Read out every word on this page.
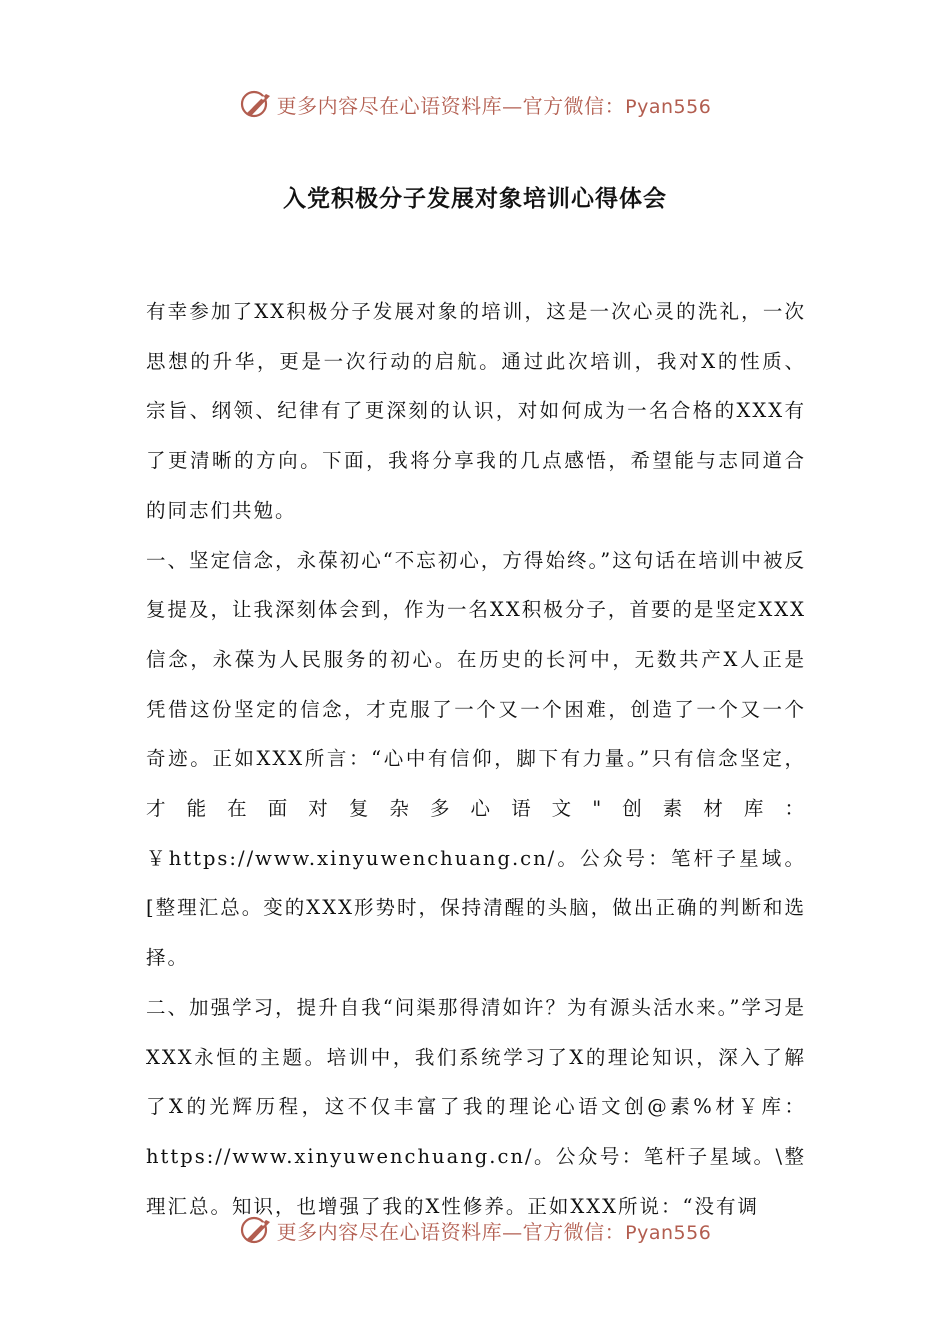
更多内容尽在心语资料库—官方微信：Pyan556
入党积极分子发展对象培训心得体会

有幸参加了XX积极分子发展对象的培训，这是一次心灵的洗礼，一次思想的升华，更是一次行动的启航。通过此次培训，我对X的性质、宗旨、纲领、纪律有了更深刻的认识，对如何成为一名合格的XXX有了更清晰的方向。下面，我将分享我的几点感悟，希望能与志同道合的同志们共勉。

一、坚定信念，永葆初心“不忘初心，方得始终。”这句话在培训中被反复提及，让我深刻体会到，作为一名XX积极分子，首要的是坚定XXX信念，永葆为人民服务的初心。在历史的长河中，无数共产X人正是凭借这份坚定的信念，才克服了一个又一个困难，创造了一个又一个奇迹。正如XXX所言：“心中有信仰，脚下有力量。”只有信念坚定，才能在面对复杂多心语文"创素材库：￥https://www.xinyuwenchuang.cn/。公众号：笔杆子星域。[整理汇总。变的XXX形势时，保持清醒的头脑，做出正确的判断和选择。

二、加强学习，提升自我“问渠那得清如许？为有源头活水来。”学习是XXX永恒的主题。培训中，我们系统学习了X的理论知识，深入了解了X的光辉历程，这不仅丰富了我的理论心语文创@素%材￥库：https://www.xinyuwenchuang.cn/。公众号：笔杆子星域。\整理汇总。知识，也增强了我的X性修养。正如XXX所说：“没有调

更多内容尽在心语资料库—官方微信：Pyan556
